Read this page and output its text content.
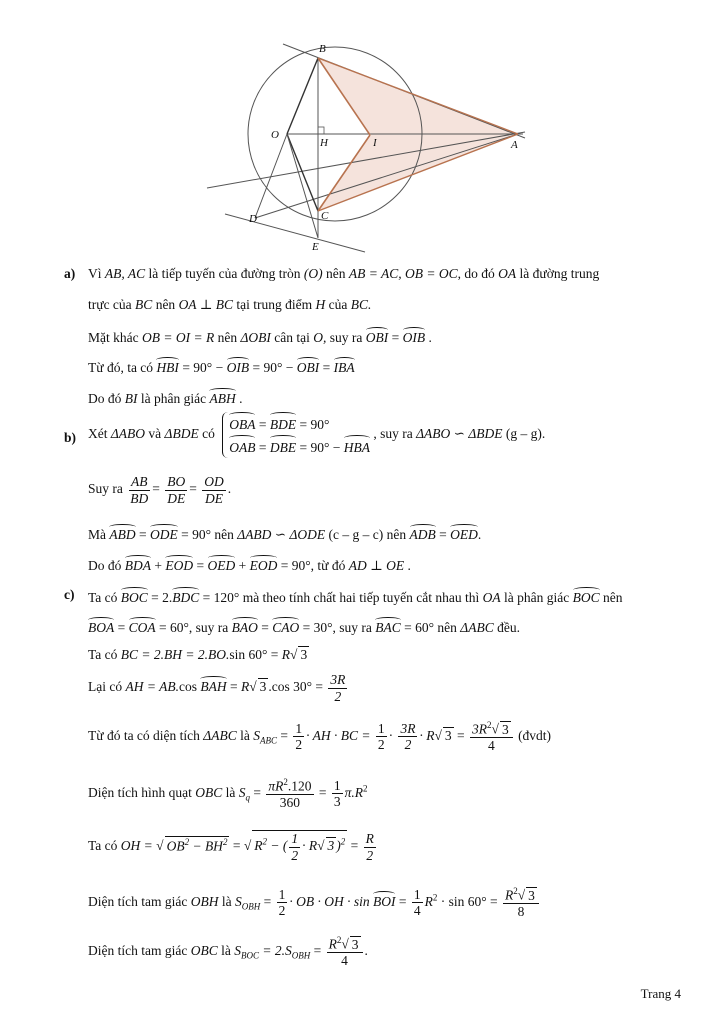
B
O
H	I	A
D	C
E
a) Vì AB, AC là tiếp tuyến của đường tròn (O) nên AB = AC, OB = OC, do đó OA là đường trung
trực của BC nên OA ⊥ BC tại trung điểm H của BC.
Mặt khác OB = OI = R nên ΔOBI cân tại O, suy ra OBI = OIB .
Từ đó, ta có HBI = 90° − OIB = 90° − OBI = IBA
Do đó BI là phân giác ABH .
b) Xét ΔABO và ΔBDE có
OBA = BDE = 90°
OAB = DBE = 90° − HBA
, suy ra ΔABO ∽ ΔBDE (g – g).
Suy ra $\frac{AB}{BD} = \frac{BO}{DE} = \frac{OD}{DE}$ .
Mà ABD = ODE = 90° nên ΔABD ∽ ΔODE (c – g – c) nên ADB = OED.
Do đó BDA + EOD = OED + EOD = 90°, từ đó AD ⊥ OE .
c) Ta có BOC = 2.BDC = 120° mà theo tính chất hai tiếp tuyến cắt nhau thì OA là phân giác BOC nên
BOA = COA = 60°, suy ra BAO = CAO = 30°, suy ra BAC = 60° nên ΔABC đều.
Ta có BC = 2.BH = 2.BO.sin 60° = R√ 3
Lại có AH = AB.cos BAH = R√ 3 .cos $30^\circ = \frac{3R}{2}$
Từ đó ta có diện tích ΔABC là $S_{ABC} = \frac{1}{2}$ · AH · BC = $\frac{1}{2} \cdot \frac{3R}{2} \cdot R√$ $3 = \frac{3R^2√ 3}{4}$ (đvdt)
Diện tích hình quạt OBC là $S_q = \frac{\pi R^2.120}{360} = \frac{1}{3} \pi.R^2$
Ta có OH = √ $OB^2 - BH^2$ = √ $R^2$ − ( $\frac{1}{2} \cdot R√$ 3 )$^2 = \frac{R}{2}$
Diện tích tam giác OBH là $S_{OBH} = \frac{1}{2}$ · OB · OH · sin BOI = $\frac{1}{4} R^2 \cdot \sin 60^\circ = \frac{R^2√ 3}{8}$
Diện tích tam giác OBC là $S_{BOC} = 2.S_{OBH} = \frac{R^2√ 3}{4}$ .
Trang 4
